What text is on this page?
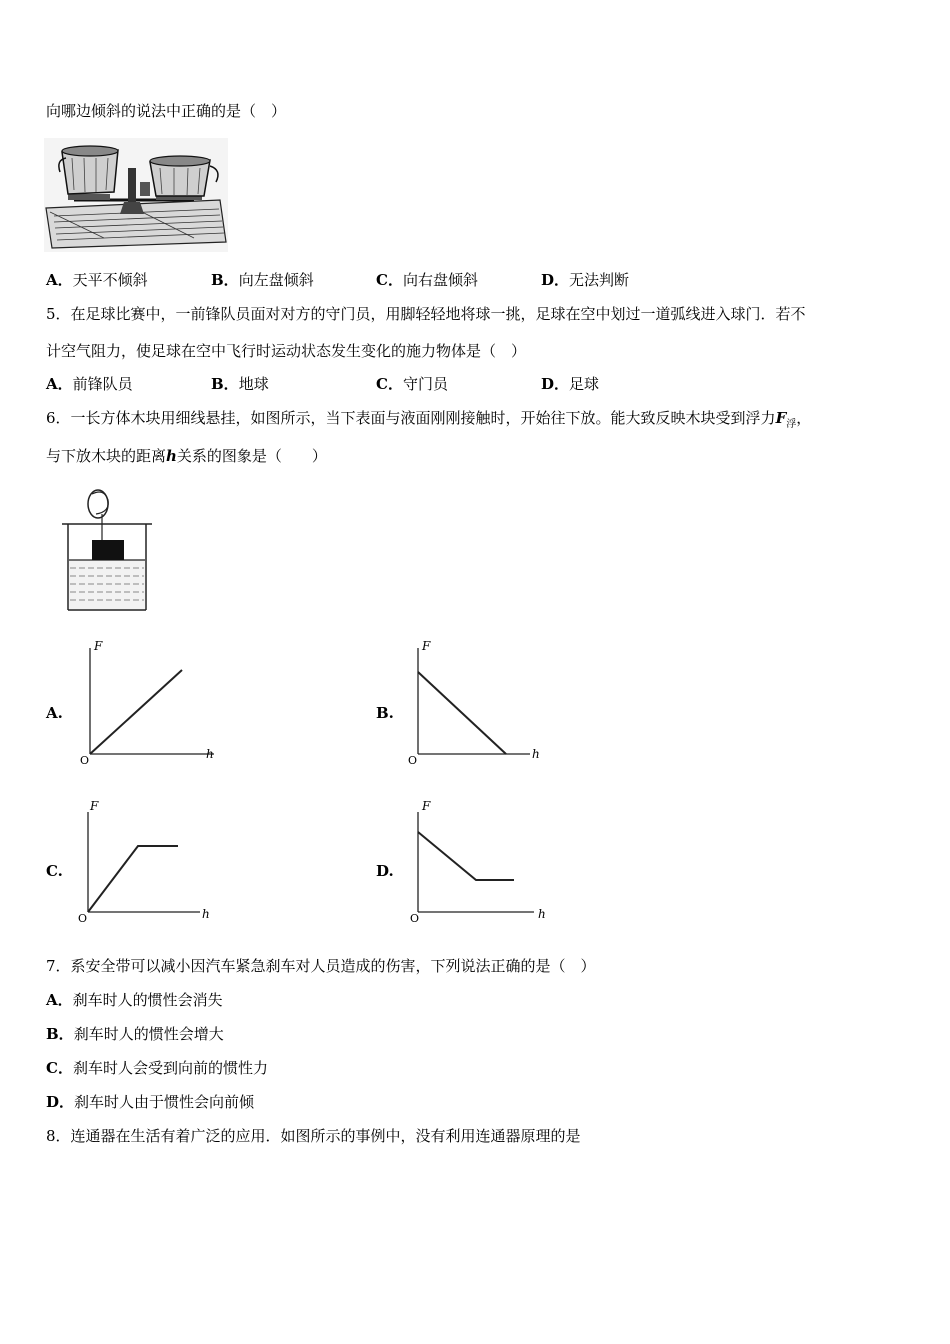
向哪边倾斜的说法中正确的是（　）
A．天平不倾斜	B．向左盘倾斜	C．向右盘倾斜	D．无法判断
5．在足球比赛中，一前锋队员面对对方的守门员，用脚轻轻地将球一挑，足球在空中划过一道弧线进入球门．若不
计空气阻力，使足球在空中飞行时运动状态发生变化的施力物体是（　）
A．前锋队员	B．地球	C．守门员	D．足球
6．一长方体木块用细线悬挂，如图所示，当下表面与液面刚刚接触时，开始往下放。能大致反映木块受到浮力$F_浮$，
与下放木块的距离h关系的图象是（　　）
A.	B.
C.	D.
F
h
O
F
h
O
F
h
O
F
h
O
7．系安全带可以减小因汽车紧急刹车对人员造成的伤害，下列说法正确的是（　）
A．刹车时人的惯性会消失
B．刹车时人的惯性会增大
C．刹车时人会受到向前的惯性力
D．刹车时人由于惯性会向前倾
8．连通器在生活有着广泛的应用．如图所示的事例中，没有利用连通器原理的是
